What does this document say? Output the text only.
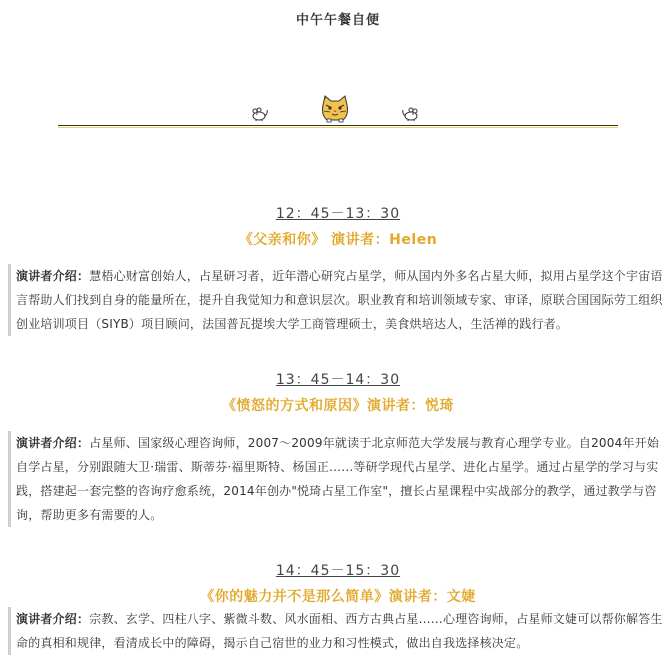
中午午餐自便
12：45－13：30
《父亲和你》 演讲者：Helen

演讲者介绍：慧梧心财富创始人，占星研习者，近年潜心研究占星学，师从国内外多名占星大师，拟用占星学这个宇宙语言帮助人们找到自身的能量所在，提升自我觉知力和意识层次。职业教育和培训领域专家、审译，原联合国国际劳工组织创业培训项目（SIYB）项目顾问，法国普瓦提埃大学工商管理硕士，美食烘培达人，生活禅的践行者。

13：45－14：30
《愤怒的方式和原因》演讲者：悦琦

演讲者介绍：占星师、国家级心理咨询师，2007～2009年就读于北京师范大学发展与教育心理学专业。自2004年开始自学占星，分别跟随大卫·瑞雷、斯蒂芬·福里斯特、杨国正……等研学现代占星学、进化占星学。通过占星学的学习与实践，搭建起一套完整的咨询疗愈系统，2014年创办"悦琦占星工作室"，擅长占星课程中实战部分的教学，通过教学与咨询，帮助更多有需要的人。

14：45－15：30
《你的魅力并不是那么简单》演讲者：文婕

演讲者介绍：宗教、玄学、四柱八字、紫微斗数、风水面相、西方古典占星……心理咨询师，占星师文婕可以帮你解答生命的真相和规律，看清成长中的障碍，揭示自己宿世的业力和习性模式，做出自我选择核决定。
